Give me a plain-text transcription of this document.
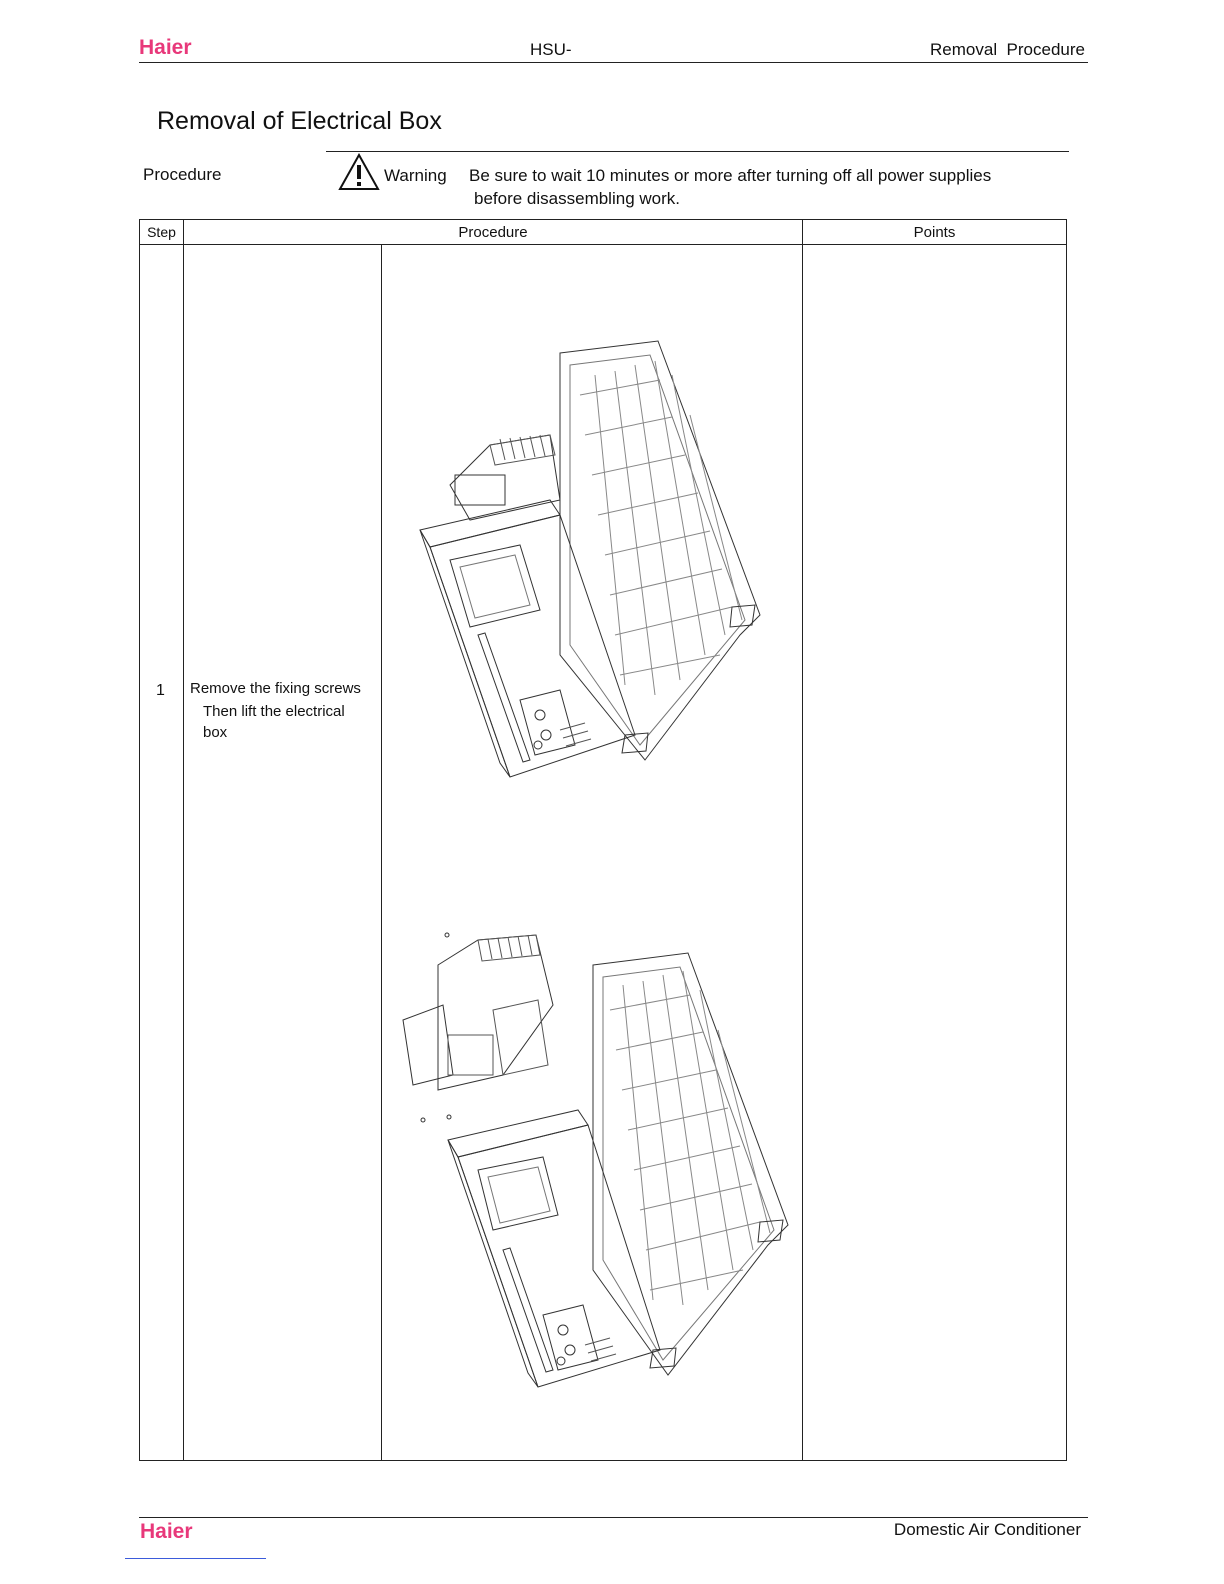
Haier	HSU-	Removal  Procedure
Removal of Electrical Box
Procedure	Warning Be sure to wait 10 minutes or more after turning off all power supplies
before disassembling work.
Step	Procedure		Points

1	Remove the fixing screws
Then lift the electrical
box		

Haier	Domestic Air Conditioner
